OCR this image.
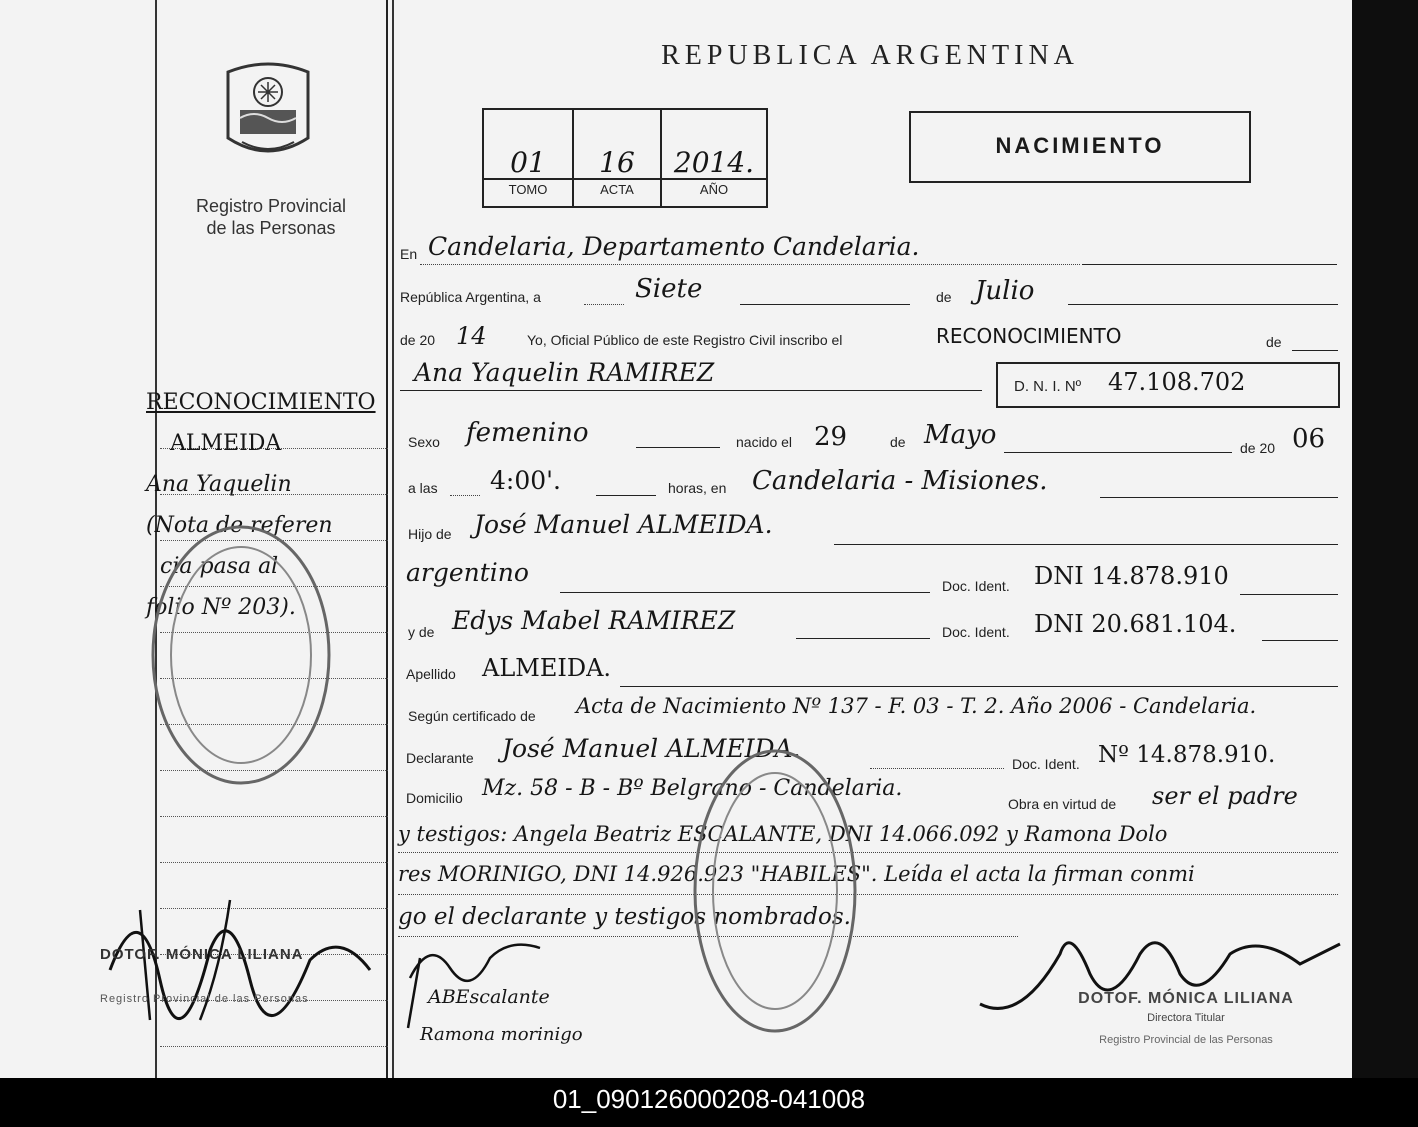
Registro Provincial
de las Personas
REPUBLICA ARGENTINA
01	16	2014.
TOMO	ACTA	AÑO
NACIMIENTO
En Candelaria, Departamento Candelaria.
República Argentina, a	Siete	de Julio
de 20 14	Yo, Oficial Público de este Registro Civil inscribo el	RECONOCIMIENTO	de
Ana Yaquelin RAMIREZ	D. N. I. Nº 47.108.702
Sexo femenino	nacido el 29	de Mayo	de 20 06
a las 4:00'.	horas, en Candelaria - Misiones.
Hijo de José Manuel ALMEIDA.
argentino	Doc. Ident. DNI 14.878.910
y de Edys Mabel RAMIREZ	Doc. Ident. DNI 20.681.104.
Apellido ALMEIDA.
Según certificado de Acta de Nacimiento Nº 137 - F. 03 - T. 2. Año 2006 - Candelaria.
Declarante José Manuel ALMEIDA.
Doc. Ident. Nº 14.878.910.
Domicilio Mz. 58 - B - Bº Belgrano - Candelaria.
Obra en virtud de ser el padre
y testigos: Angela Beatriz ESCALANTE, DNI 14.066.092 y Ramona Dolo
res MORINIGO, DNI 14.926.923 "HABILES". Leída el acta la firman conmi
go el declarante y testigos nombrados.
RECONOCIMIENTO
ALMEIDA
Ana Yaquelin
(Nota de referen
cia pasa al
folio Nº 203).
DOTOF. MÓNICA LILIANA
Registro Provincial de las Personas	ABEscalante
Ramona morinigo
DOTOF. MÓNICA LILIANA
Directora Titular
Registro Provincial de las Personas
01_090126000208-041008
